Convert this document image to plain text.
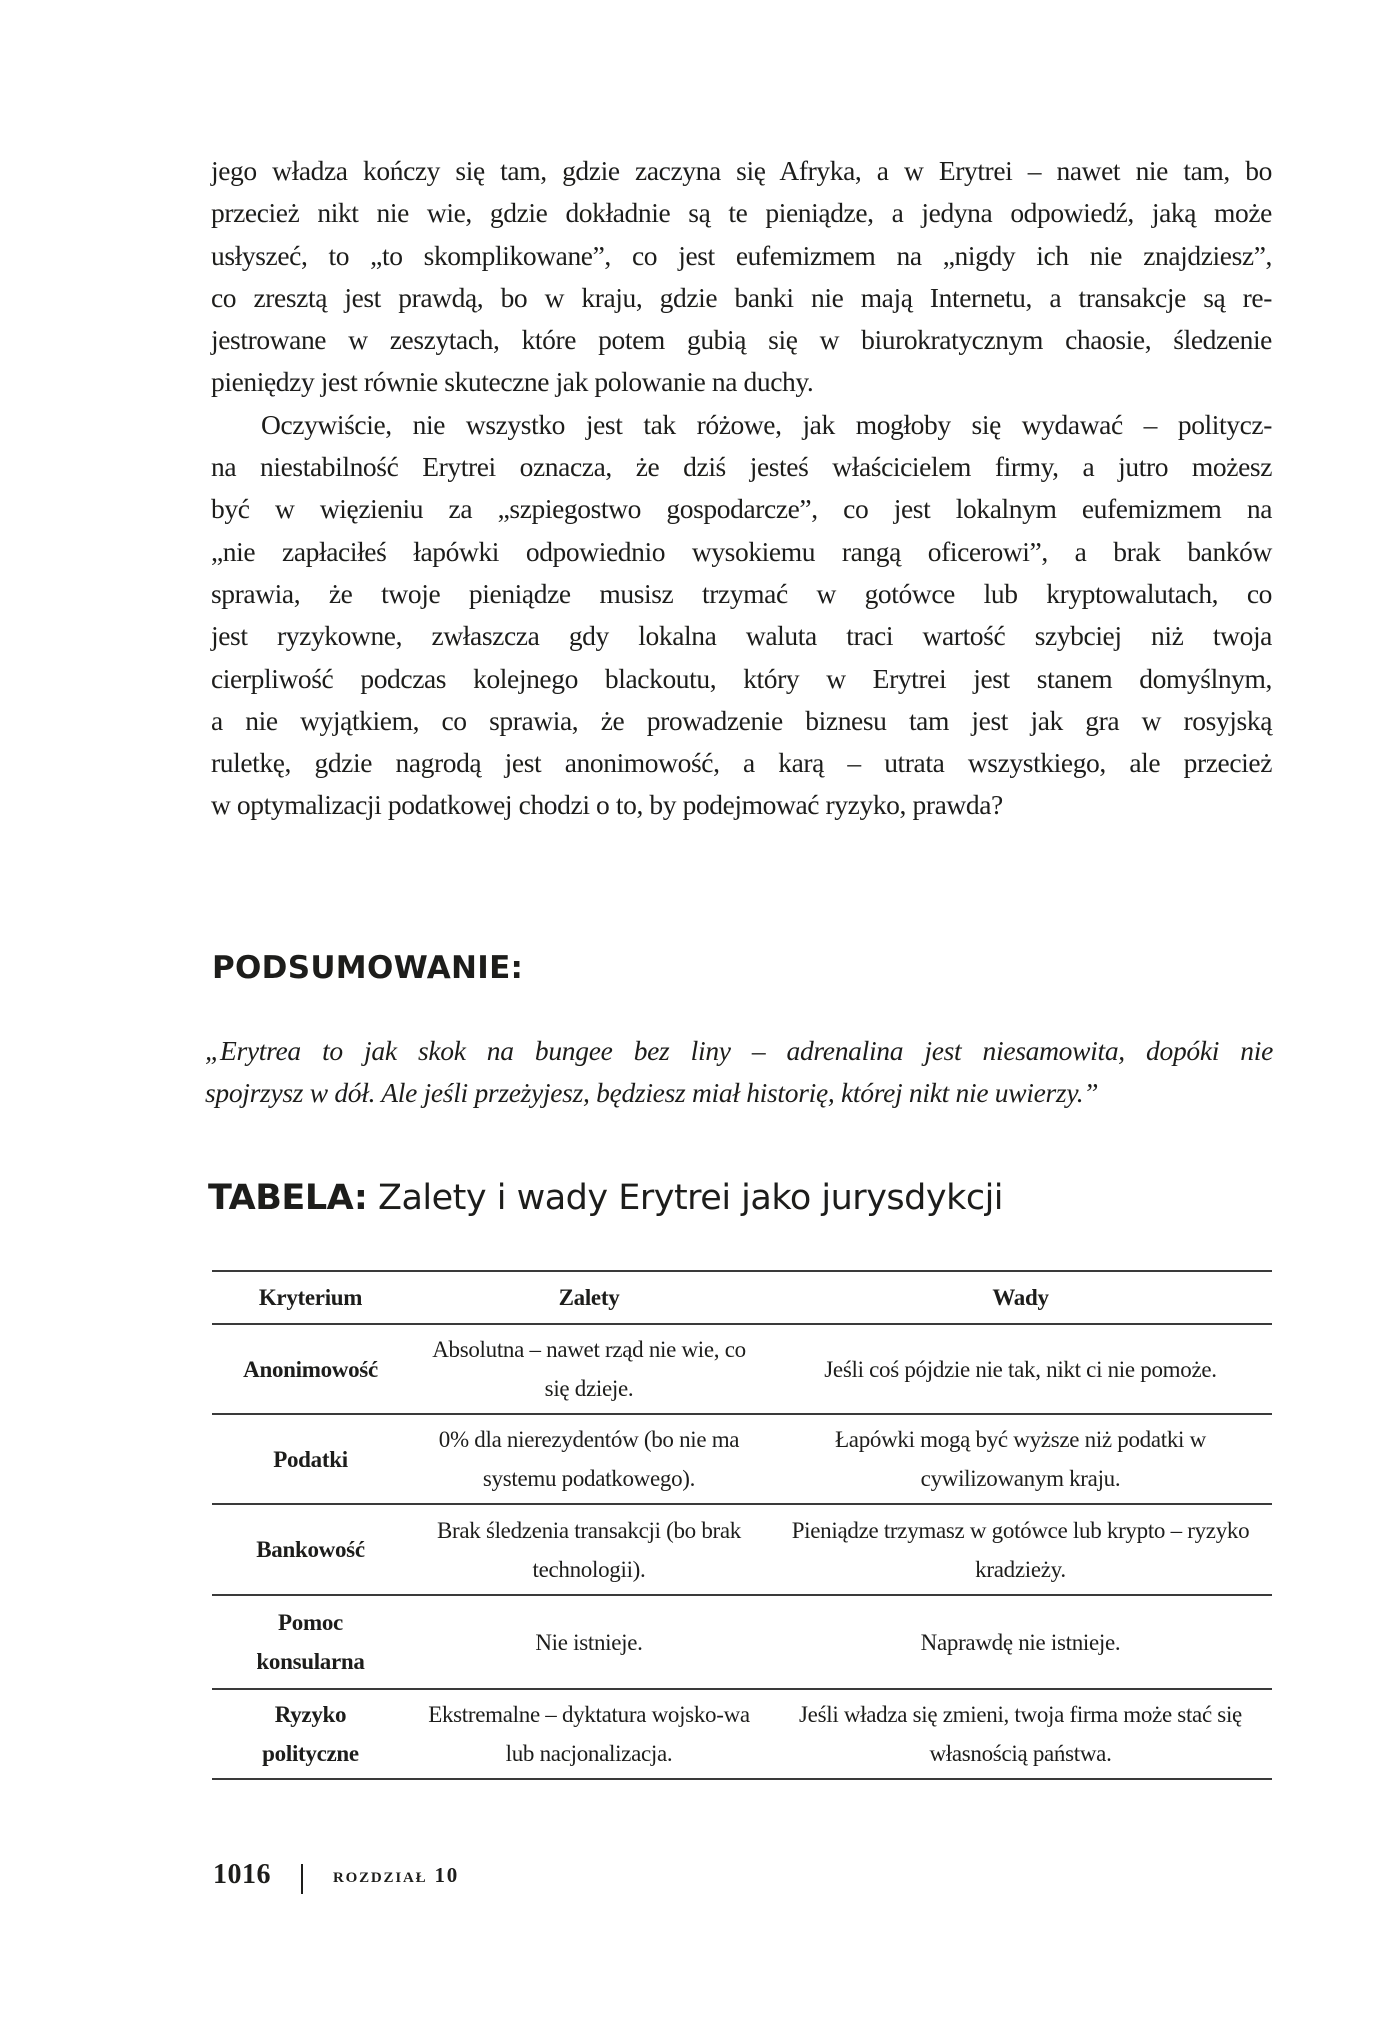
jego władza kończy się tam, gdzie zaczyna się Afryka, a w Erytrei – nawet nie tam, bo
przecież nikt nie wie, gdzie dokładnie są te pieniądze, a jedyna odpowiedź, jaką może
usłyszeć, to „to skomplikowane”, co jest eufemizmem na „nigdy ich nie znajdziesz”,
co zresztą jest prawdą, bo w kraju, gdzie banki nie mają Internetu, a transakcje są re-
jestrowane w zeszytach, które potem gubią się w biurokratycznym chaosie, śledzenie
pieniędzy jest równie skuteczne jak polowanie na duchy.

Oczywiście, nie wszystko jest tak różowe, jak mogłoby się wydawać – politycz-
na niestabilność Erytrei oznacza, że dziś jesteś właścicielem firmy, a jutro możesz
być w więzieniu za „szpiegostwo gospodarcze”, co jest lokalnym eufemizmem na
„nie zapłaciłeś łapówki odpowiednio wysokiemu rangą oficerowi”, a brak banków
sprawia, że twoje pieniądze musisz trzymać w gotówce lub kryptowalutach, co
jest ryzykowne, zwłaszcza gdy lokalna waluta traci wartość szybciej niż twoja
cierpliwość podczas kolejnego blackoutu, który w Erytrei jest stanem domyślnym,
a nie wyjątkiem, co sprawia, że prowadzenie biznesu tam jest jak gra w rosyjską
ruletkę, gdzie nagrodą jest anonimowość, a karą – utrata wszystkiego, ale przecież
w optymalizacji podatkowej chodzi o to, by podejmować ryzyko, prawda?

PODSUMOWANIE:
„Erytrea to jak skok na bungee bez liny – adrenalina jest niesamowita, dopóki nie
spojrzysz w dół. Ale jeśli przeżyjesz, będziesz miał historię, której nikt nie uwierzy.”
TABELA: Zalety i wady Erytrei jako jurysdykcji
Kryterium	Zalety	Wady
Anonimowość	Absolutna – nawet rząd nie wie, co się dzieje.	Jeśli coś pójdzie nie tak, nikt ci nie pomoże.
Podatki	0% dla nierezydentów (bo nie ma systemu podatkowego).	Łapówki mogą być wyższe niż podatki w cywilizowanym kraju.
Bankowość	Brak śledzenia transakcji (bo brak technologii).	Pieniądze trzymasz w gotówce lub krypto – ryzyko kradzieży.
Pomoc konsularna	Nie istnieje.	Naprawdę nie istnieje.
Ryzyko polityczne	Ekstremalne – dyktatura wojsko-wa lub nacjonalizacja.	Jeśli władza się zmieni, twoja firma może stać się własnością państwa.
1016	rozdział 10
